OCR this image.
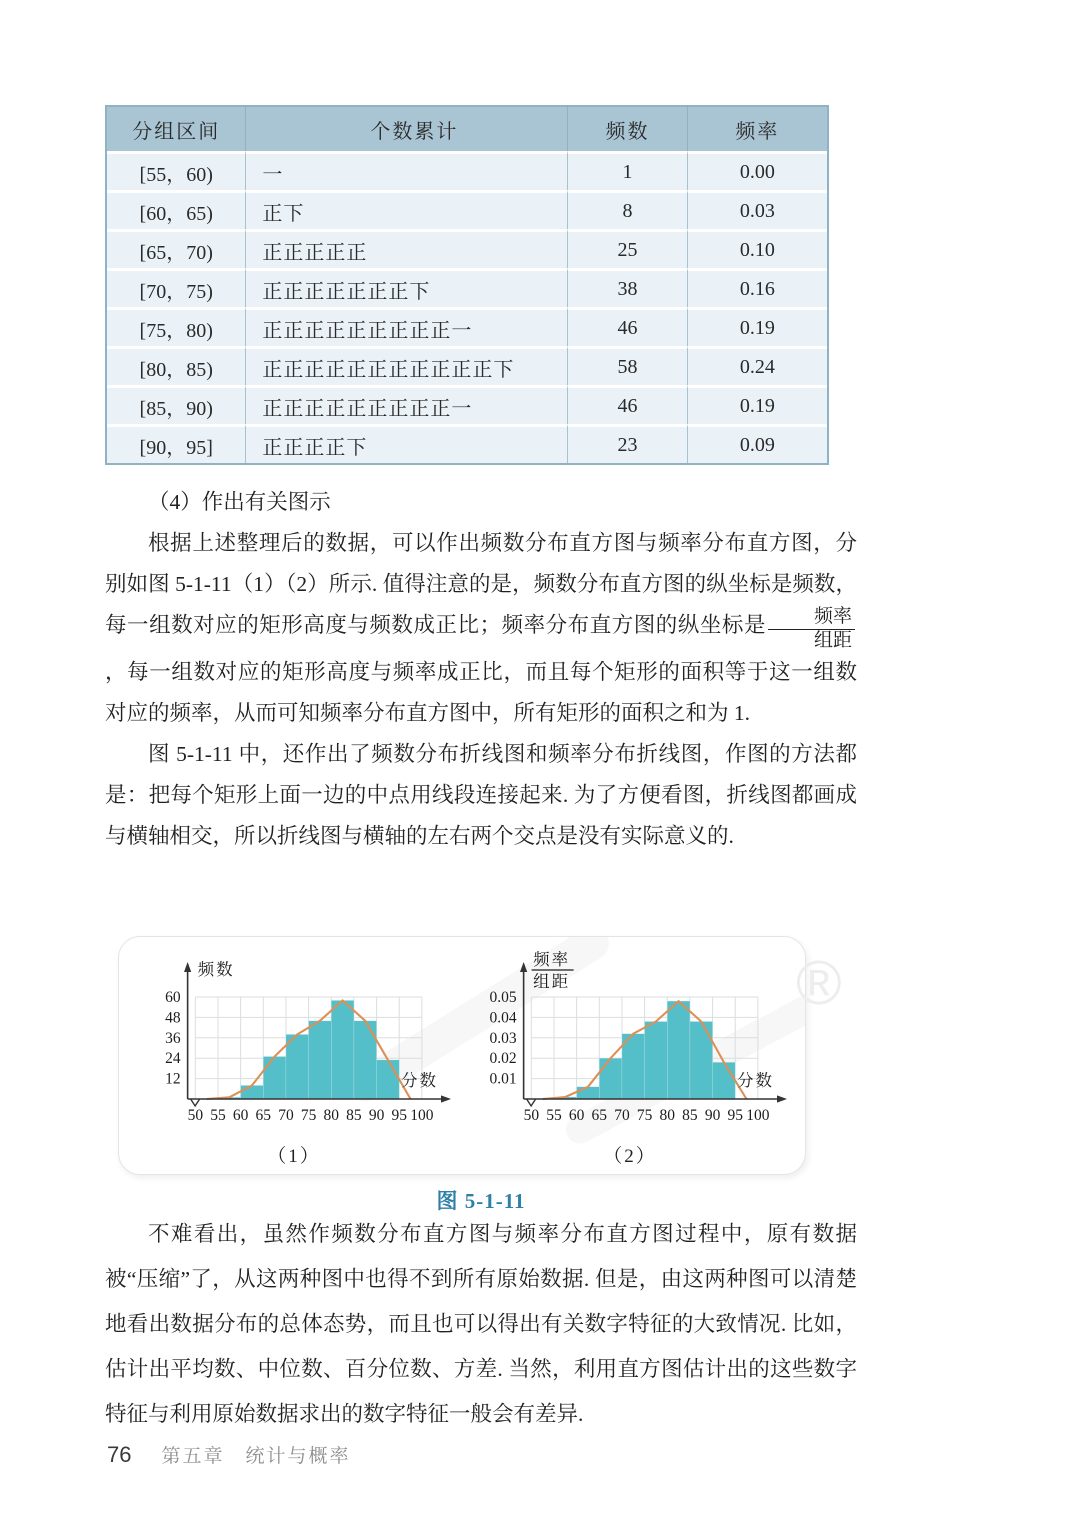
分组区间	个数累计	频数	频率
[55，60)	一	1	0.00
[60，65)	正下	8	0.03
[65，70)	正正正正正	25	0.10
[70，75)	正正正正正正正下	38	0.16
[75，80)	正正正正正正正正正一	46	0.19
[80，85)	正正正正正正正正正正正下	58	0.24
[85，90)	正正正正正正正正正一	46	0.19
[90，95]	正正正正下	23	0.09

（4）作出有关图示

根据上述整理后的数据，可以作出频数分布直方图与频率分布直方图，分别如图 5-1-11（1）（2）所示. 值得注意的是，频数分布直方图的纵坐标是频数，每一组数对应的矩形高度与频数成正比；频率分布直方图的纵坐标是 $\frac{\text{频率}}{\text{组距}}$
，每一组数对应的矩形高度与频率成正比，而且每个矩形的面积等于这一组数对应的频率，从而可知频率分布直方图中，所有矩形的面积之和为 1.

图 5-1-11 中，还作出了频数分布折线图和频率分布折线图，作图的方法都是：把每个矩形上面一边的中点用线段连接起来. 为了方便看图，折线图都画成与横轴相交，所以折线图与横轴的左右两个交点是没有实际意义的.

50 55 60 65 70 75 80 85 90 95 100
12
24
36
48
60
频数
分数
（1）
50 55 60 65 70 75 80 85 90 95 100
0.01
0.02
0.03
0.04
0.05
频率
组距
分数
（2）
®
图 5-1-11

不难看出，虽然作频数分布直方图与频率分布直方图过程中，原有数据被“压缩”了，从这两种图中也得不到所有原始数据. 但是，由这两种图可以清楚地看出数据分布的总体态势，而且也可以得出有关数字特征的大致情况. 比如，估计出平均数、中位数、百分位数、方差. 当然，利用直方图估计出的这些数字特征与利用原始数据求出的数字特征一般会有差异.

76 第五章　统计与概率
